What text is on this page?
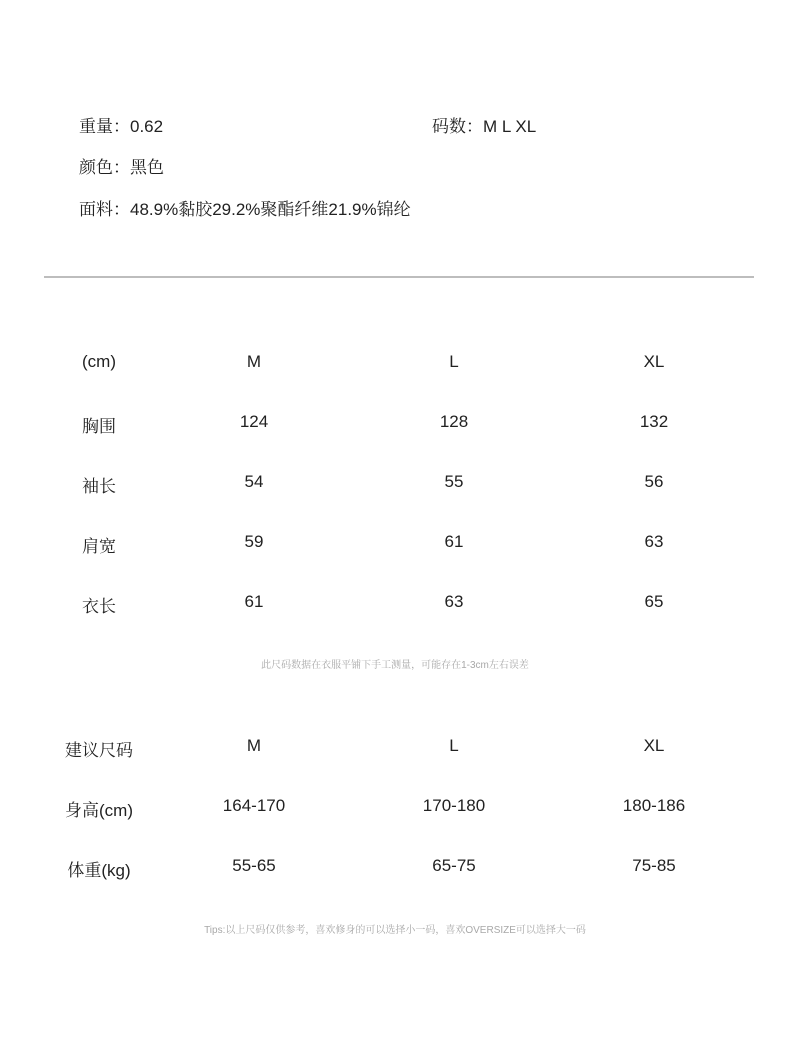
重量：0.62	码数：M L XL
颜色：黑色
面料：48.9%黏胶29.2%聚酯纤维21.9%锦纶
(cm)	M	L	XL
胸围	124	128	132
袖长	54	55	56
肩宽	59	61	63
衣长	61	63	65
此尺码数据在衣服平铺下手工测量，可能存在1-3cm左右误差
建议尺码	M	L	XL
身高(cm)	164-170	170-180	180-186
体重(kg)	55-65	65-75	75-85
Tips:以上尺码仅供参考，喜欢修身的可以选择小一码，喜欢OVERSIZE可以选择大一码
